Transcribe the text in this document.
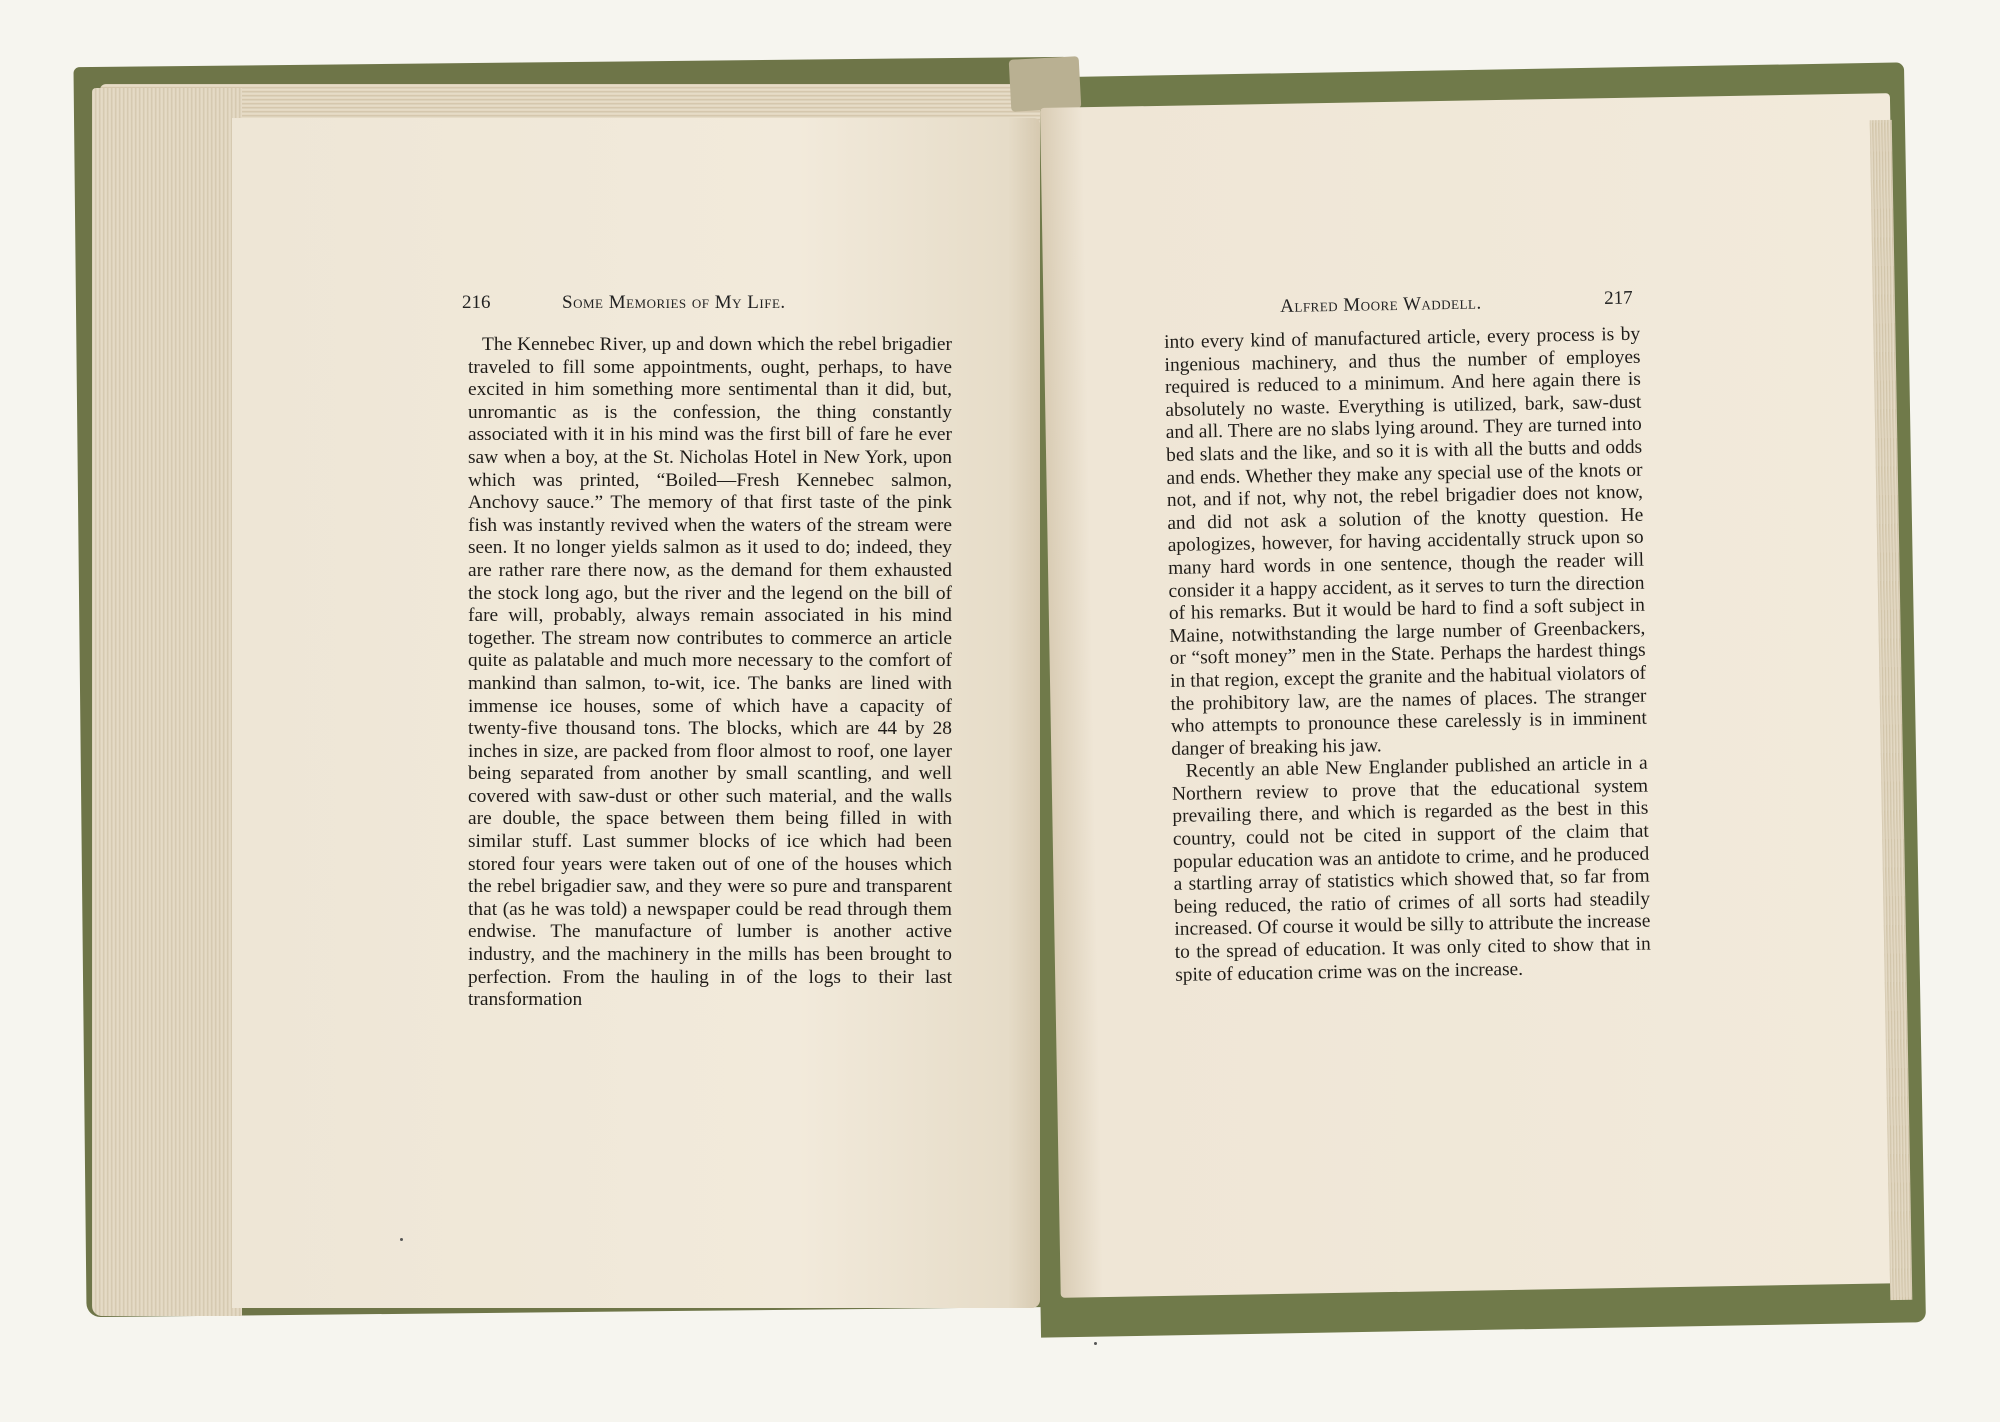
216	Some Memories of My Life.

The Kennebec River, up and down which the rebel brigadier traveled to fill some appointments, ought, perhaps, to have excited in him something more sentimental than it did, but, unromantic as is the confession, the thing constantly associated with it in his mind was the first bill of fare he ever saw when a boy, at the St. Nicholas Hotel in New York, upon which was printed, “Boiled—Fresh Kennebec salmon, Anchovy sauce.” The memory of that first taste of the pink fish was instantly revived when the waters of the stream were seen. It no longer yields salmon as it used to do; indeed, they are rather rare there now, as the demand for them exhausted the stock long ago, but the river and the legend on the bill of fare will, probably, always remain associated in his mind together. The stream now contributes to commerce an article quite as palatable and much more necessary to the comfort of mankind than salmon, to-wit, ice. The banks are lined with immense ice houses, some of which have a capacity of twenty-five thousand tons. The blocks, which are 44 by 28 inches in size, are packed from floor almost to roof, one layer being separated from another by small scantling, and well covered with saw-dust or other such material, and the walls are double, the space between them being filled in with similar stuff. Last summer blocks of ice which had been stored four years were taken out of one of the houses which the rebel brigadier saw, and they were so pure and transparent that (as he was told) a newspaper could be read through them endwise. The manufacture of lumber is another active industry, and the machinery in the mills has been brought to perfection. From the hauling in of the logs to their last transformation

Alfred Moore Waddell.	217

into every kind of manufactured article, every process is by ingenious machinery, and thus the number of employes required is reduced to a minimum. And here again there is absolutely no waste. Everything is utilized, bark, saw-dust and all. There are no slabs lying around. They are turned into bed slats and the like, and so it is with all the butts and odds and ends. Whether they make any special use of the knots or not, and if not, why not, the rebel brigadier does not know, and did not ask a solution of the knotty question. He apologizes, however, for having accidentally struck upon so many hard words in one sentence, though the reader will consider it a happy accident, as it serves to turn the direction of his remarks. But it would be hard to find a soft subject in Maine, notwithstanding the large number of Greenbackers, or “soft money” men in the State. Perhaps the hardest things in that region, except the granite and the habitual violators of the prohibitory law, are the names of places. The stranger who attempts to pronounce these carelessly is in imminent danger of breaking his jaw.

Recently an able New Englander published an article in a Northern review to prove that the educational system prevailing there, and which is regarded as the best in this country, could not be cited in support of the claim that popular education was an antidote to crime, and he produced a startling array of statistics which showed that, so far from being reduced, the ratio of crimes of all sorts had steadily increased. Of course it would be silly to attribute the increase to the spread of education. It was only cited to show that in spite of education crime was on the increase.
